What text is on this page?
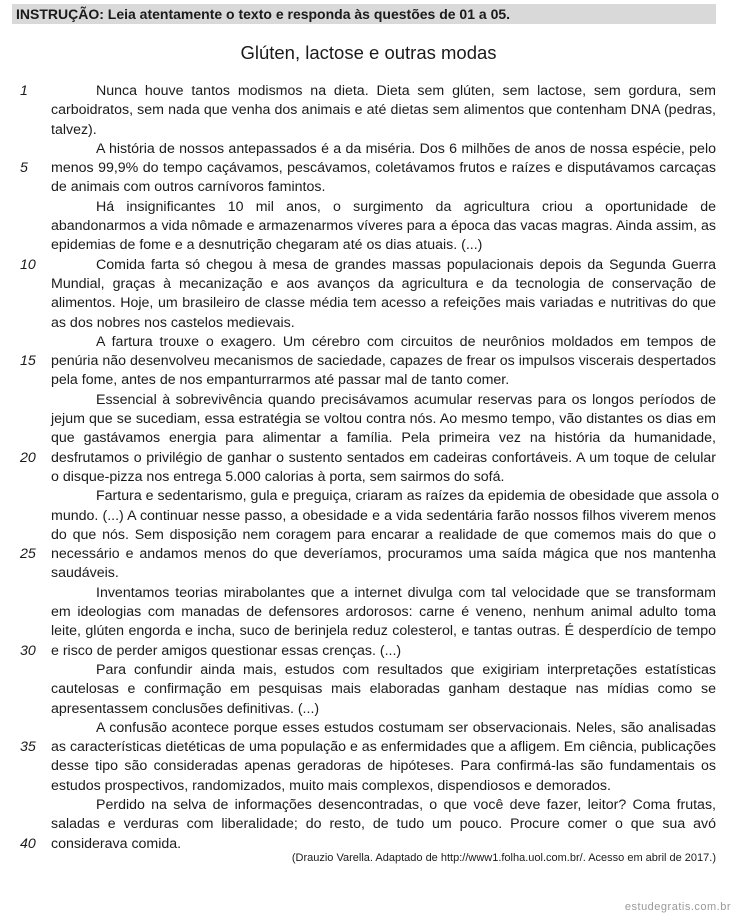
INSTRUÇÃO: Leia atentamente o texto e responda às questões de 01 a 05.
Glúten, lactose e outras modas
1	Nunca houve tantos modismos na dieta. Dieta sem glúten, sem lactose, sem gordura, sem
carboidratos, sem nada que venha dos animais e até dietas sem alimentos que contenham DNA (pedras,
talvez).
A história de nossos antepassados é a da miséria. Dos 6 milhões de anos de nossa espécie, pelo
5	menos 99,9% do tempo caçávamos, pescávamos, coletávamos frutos e raízes e disputávamos carcaças
de animais com outros carnívoros famintos.
Há insignificantes 10 mil anos, o surgimento da agricultura criou a oportunidade de
abandonarmos a vida nômade e armazenarmos víveres para a época das vacas magras. Ainda assim, as
epidemias de fome e a desnutrição chegaram até os dias atuais. (...)
10	Comida farta só chegou à mesa de grandes massas populacionais depois da Segunda Guerra
Mundial, graças à mecanização e aos avanços da agricultura e da tecnologia de conservação de
alimentos. Hoje, um brasileiro de classe média tem acesso a refeições mais variadas e nutritivas do que
as dos nobres nos castelos medievais.
A fartura trouxe o exagero. Um cérebro com circuitos de neurônios moldados em tempos de
15	penúria não desenvolveu mecanismos de saciedade, capazes de frear os impulsos viscerais despertados
pela fome, antes de nos empanturrarmos até passar mal de tanto comer.
Essencial à sobrevivência quando precisávamos acumular reservas para os longos períodos de
jejum que se sucediam, essa estratégia se voltou contra nós. Ao mesmo tempo, vão distantes os dias em
que gastávamos energia para alimentar a família. Pela primeira vez na história da humanidade,
20	desfrutamos o privilégio de ganhar o sustento sentados em cadeiras confortáveis. A um toque de celular
o disque-pizza nos entrega 5.000 calorias à porta, sem sairmos do sofá.
Fartura e sedentarismo, gula e preguiça, criaram as raízes da epidemia de obesidade que assola o
mundo. (...) A continuar nesse passo, a obesidade e a vida sedentária farão nossos filhos viverem menos
do que nós. Sem disposição nem coragem para encarar a realidade de que comemos mais do que o
25	necessário e andamos menos do que deveríamos, procuramos uma saída mágica que nos mantenha
saudáveis.
Inventamos teorias mirabolantes que a internet divulga com tal velocidade que se transformam
em ideologias com manadas de defensores ardorosos: carne é veneno, nenhum animal adulto toma
leite, glúten engorda e incha, suco de berinjela reduz colesterol, e tantas outras. É desperdício de tempo
30	e risco de perder amigos questionar essas crenças. (...)
Para confundir ainda mais, estudos com resultados que exigiriam interpretações estatísticas
cautelosas e confirmação em pesquisas mais elaboradas ganham destaque nas mídias como se
apresentassem conclusões definitivas. (...)
A confusão acontece porque esses estudos costumam ser observacionais. Neles, são analisadas
35	as características dietéticas de uma população e as enfermidades que a afligem. Em ciência, publicações
desse tipo são consideradas apenas geradoras de hipóteses. Para confirmá-las são fundamentais os
estudos prospectivos, randomizados, muito mais complexos, dispendiosos e demorados.
Perdido na selva de informações desencontradas, o que você deve fazer, leitor? Coma frutas,
saladas e verduras com liberalidade; do resto, de tudo um pouco. Procure comer o que sua avó
40	considerava comida.
(Drauzio Varella. Adaptado de http://www1.folha.uol.com.br/. Acesso em abril de 2017.)
estudegratis.com.br
